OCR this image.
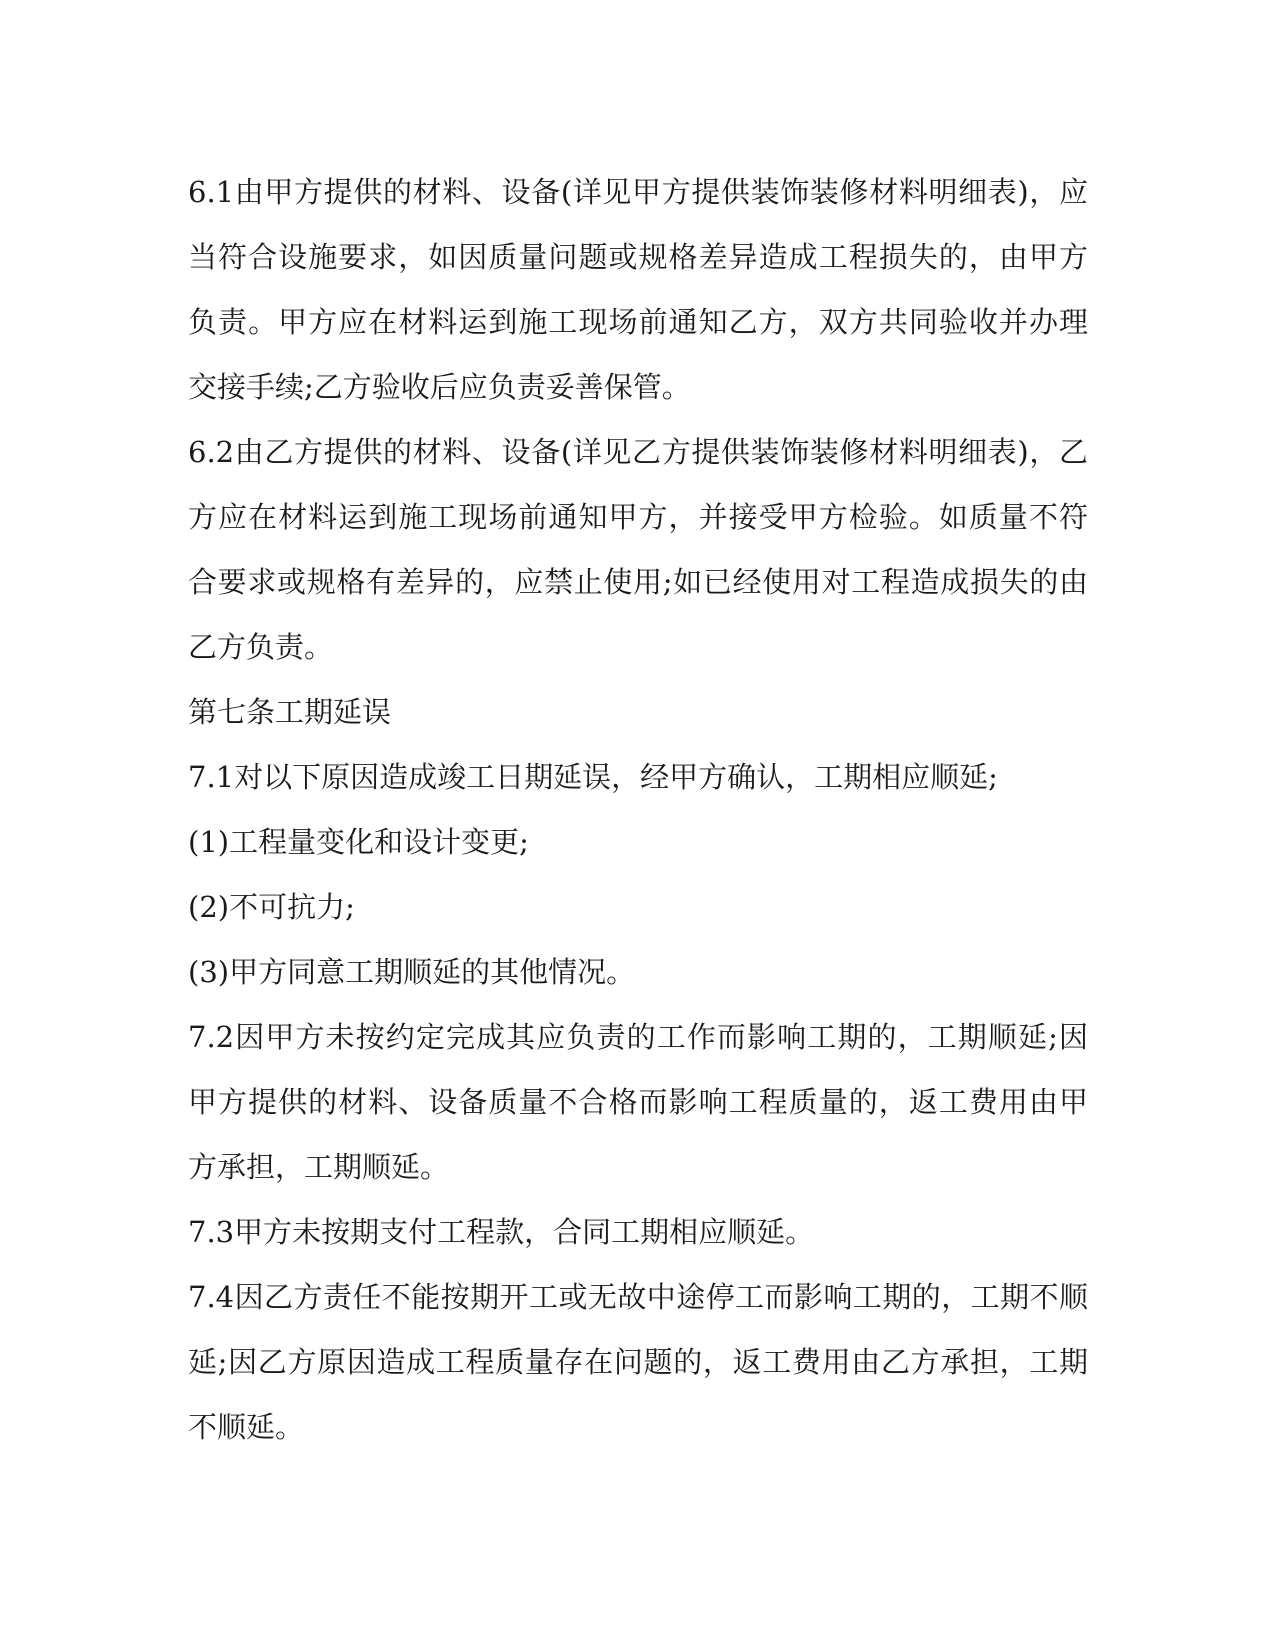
6.1由甲方提供的材料、设备(详见甲方提供装饰装修材料明细表)，应
当符合设施要求，如因质量问题或规格差异造成工程损失的，由甲方
负责。甲方应在材料运到施工现场前通知乙方，双方共同验收并办理
交接手续;乙方验收后应负责妥善保管。
6.2由乙方提供的材料、设备(详见乙方提供装饰装修材料明细表)，乙
方应在材料运到施工现场前通知甲方，并接受甲方检验。如质量不符
合要求或规格有差异的，应禁止使用;如已经使用对工程造成损失的由
乙方负责。
第七条工期延误
7.1对以下原因造成竣工日期延误，经甲方确认，工期相应顺延;
(1)工程量变化和设计变更;
(2)不可抗力;
(3)甲方同意工期顺延的其他情况。
7.2因甲方未按约定完成其应负责的工作而影响工期的，工期顺延;因
甲方提供的材料、设备质量不合格而影响工程质量的，返工费用由甲
方承担，工期顺延。
7.3甲方未按期支付工程款，合同工期相应顺延。
7.4因乙方责任不能按期开工或无故中途停工而影响工期的，工期不顺
延;因乙方原因造成工程质量存在问题的，返工费用由乙方承担，工期
不顺延。
